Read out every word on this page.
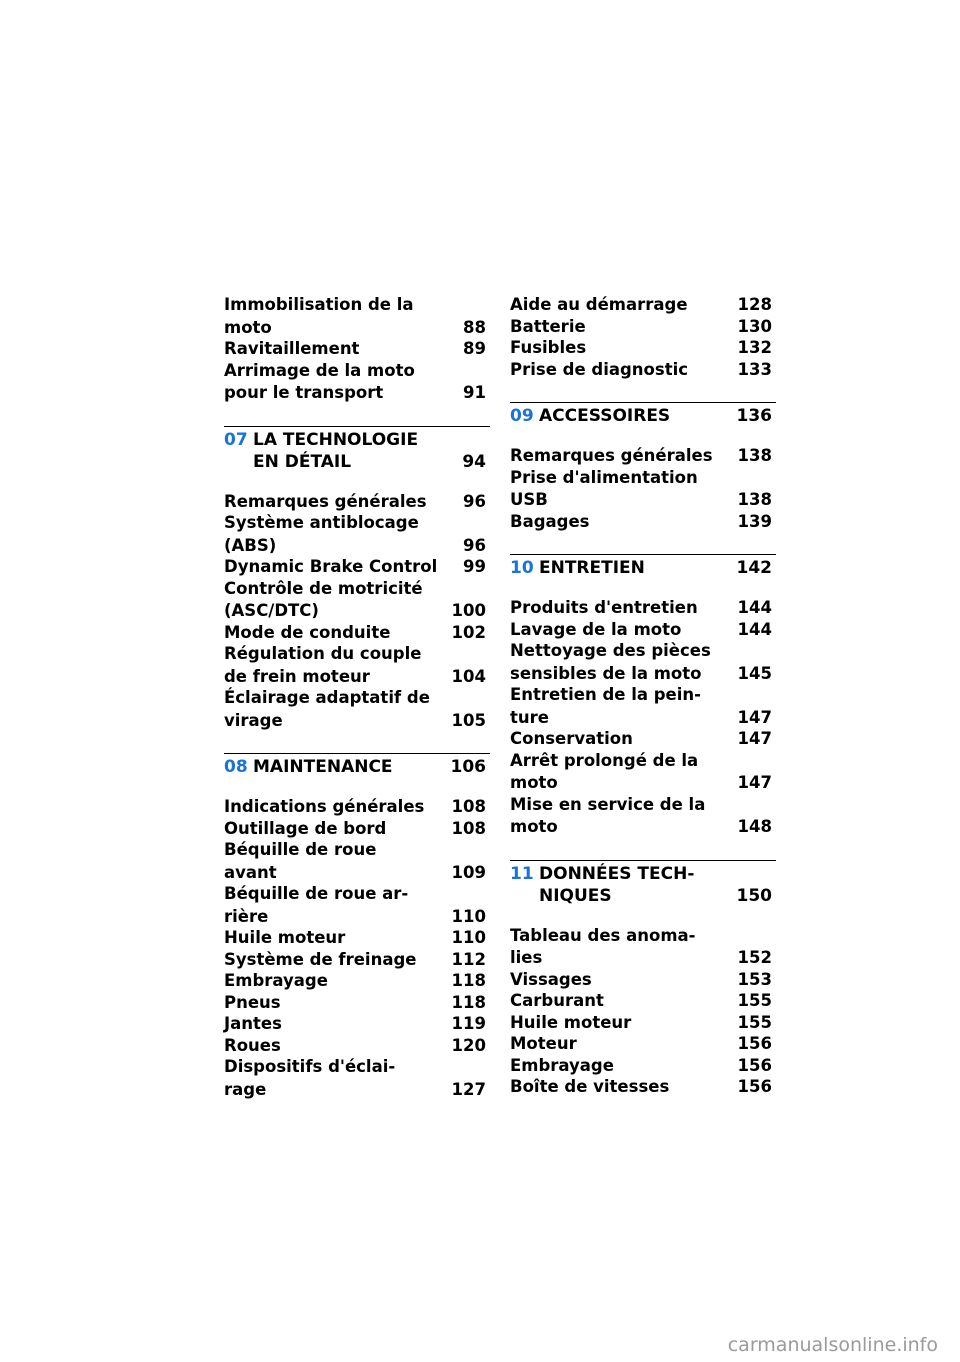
Immobilisation de la
moto	88
Ravitaillement	89
Arrimage de la moto
pour le transport	91
07 LA TECHNOLOGIE
EN DÉTAIL	94
Remarques générales	96
Système antiblocage
(ABS)	96
Dynamic Brake Control 99
Contrôle de motricité
(ASC/DTC)	100
Mode de conduite	102
Régulation du couple
de frein moteur	104
Éclairage adaptatif de
virage	105
08 MAINTENANCE	106
Indications générales	108
Outillage de bord	108
Béquille de roue
avant	109
Béquille de roue ar-
rière	110
Huile moteur	110
Système de freinage	112
Embrayage	118
Pneus	118
Jantes	119
Roues	120
Dispositifs d'éclai-
rage	127
Aide au démarrage	128
Batterie	130
Fusibles	132
Prise de diagnostic	133
09 ACCESSOIRES	136
Remarques générales	138
Prise d'alimentation
USB	138
Bagages	139
10 ENTRETIEN	142
Produits d'entretien	144
Lavage de la moto	144
Nettoyage des pièces
sensibles de la moto	145
Entretien de la pein-
ture	147
Conservation	147
Arrêt prolongé de la
moto	147
Mise en service de la
moto	148
11 DONNÉES TECH-
NIQUES	150
Tableau des anoma-
lies	152
Vissages	153
Carburant	155
Huile moteur	155
Moteur	156
Embrayage	156
Boîte de vitesses	156
carmanualsonline.info
